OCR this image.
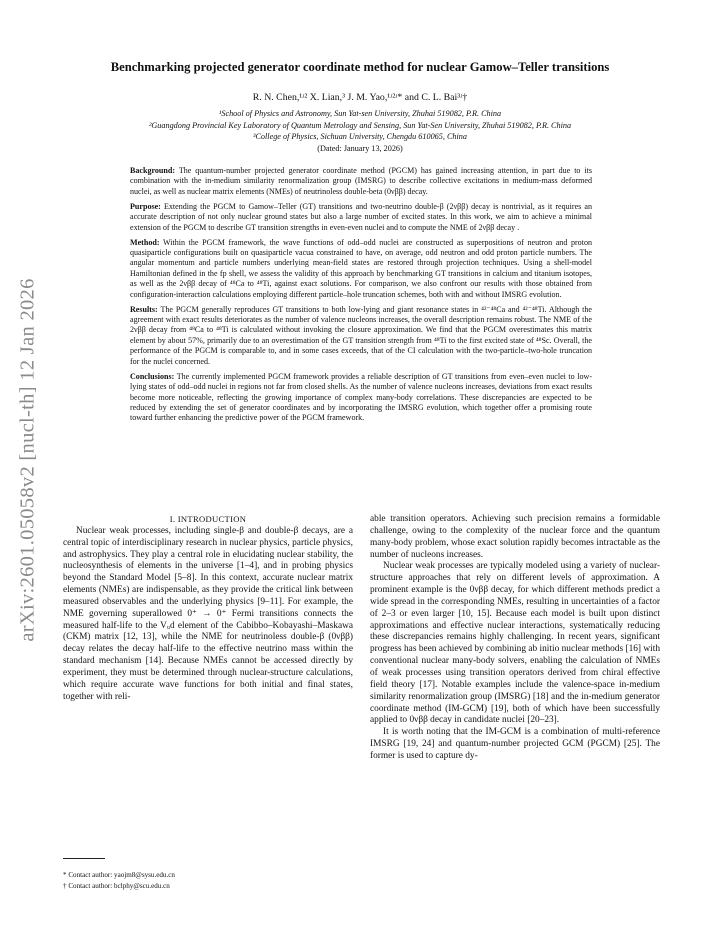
arXiv:2601.05058v2 [nucl-th] 12 Jan 2026
Benchmarking projected generator coordinate method for nuclear Gamow–Teller transitions
R. N. Chen,¹ʴ² X. Lian,³ J. M. Yao,¹ʴ²ʴ* and C. L. Bai³ʴ†
¹School of Physics and Astronomy, Sun Yat-sen University, Zhuhai 519082, P.R. China
²Guangdong Provincial Key Laboratory of Quantum Metrology and Sensing, Sun Yat-Sen University, Zhuhai 519082, P.R. China
³College of Physics, Sichuan University, Chengdu 610065, China
(Dated: January 13, 2026)

Background: The quantum-number projected generator coordinate method (PGCM) has gained increasing attention, in part due to its combination with the in-medium similarity renormalization group (IMSRG) to describe collective excitations in medium-mass deformed nuclei, as well as nuclear matrix elements (NMEs) of neutrinoless double-beta (0νββ) decay.

Purpose: Extending the PGCM to Gamow–Teller (GT) transitions and two-neutrino double-β (2νββ) decay is nontrivial, as it requires an accurate description of not only nuclear ground states but also a large number of excited states. In this work, we aim to achieve a minimal extension of the PGCM to describe GT transition strengths in even-even nuclei and to compute the NME of 2νββ decay .

Method: Within the PGCM framework, the wave functions of odd–odd nuclei are constructed as superpositions of neutron and proton quasiparticle configurations built on quasiparticle vacua constrained to have, on average, odd neutron and odd proton particle numbers. The angular momentum and particle numbers underlying mean-field states are restored through projection techniques. Using a shell-model Hamiltonian defined in the fp shell, we assess the validity of this approach by benchmarking GT transitions in calcium and titanium isotopes, as well as the 2νββ decay of ⁴⁸Ca to ⁴⁸Ti, against exact solutions. For comparison, we also confront our results with those obtained from configuration-interaction calculations employing different particle–hole truncation schemes, both with and without IMSRG evolution.

Results: The PGCM generally reproduces GT transitions to both low-lying and giant resonance states in ⁴²⁻⁴⁸Ca and ⁴²⁻⁴⁸Ti. Although the agreement with exact results deteriorates as the number of valence nucleons increases, the overall description remains robust. The NME of the 2νββ decay from ⁴⁸Ca to ⁴⁸Ti is calculated without invoking the closure approximation. We find that the PGCM overestimates this matrix element by about 57%, primarily due to an overestimation of the GT transition strength from ⁴⁸Ti to the first excited state of ⁴⁸Sc. Overall, the performance of the PGCM is comparable to, and in some cases exceeds, that of the CI calculation with the two-particle–two-hole truncation for the nuclei concerned.

Conclusions: The currently implemented PGCM framework provides a reliable description of GT transitions from even–even nuclei to low-lying states of odd–odd nuclei in regions not far from closed shells. As the number of valence nucleons increases, deviations from exact results become more noticeable, reflecting the growing importance of complex many-body correlations. These discrepancies are expected to be reduced by extending the set of generator coordinates and by incorporating the IMSRG evolution, which together offer a promising route toward further enhancing the predictive power of the PGCM framework.

I. INTRODUCTION

Nuclear weak processes, including single-β and double-β decays, are a central topic of interdisciplinary research in nuclear physics, particle physics, and astrophysics. They play a central role in elucidating nuclear stability, the nucleosynthesis of elements in the universe [1–4], and in probing physics beyond the Standard Model [5–8]. In this context, accurate nuclear matrix elements (NMEs) are indispensable, as they provide the critical link between measured observables and the underlying physics [9–11]. For example, the NME governing superallowed 0⁺ → 0⁺ Fermi transitions connects the measured half-life to the Vᵤd element of the Cabibbo–Kobayashi–Maskawa (CKM) matrix [12, 13], while the NME for neutrinoless double-β (0νββ) decay relates the decay half-life to the effective neutrino mass within the standard mechanism [14]. Because NMEs cannot be accessed directly by experiment, they must be determined through nuclear-structure calculations, which require accurate wave functions for both initial and final states, together with reli-

able transition operators. Achieving such precision remains a formidable challenge, owing to the complexity of the nuclear force and the quantum many-body problem, whose exact solution rapidly becomes intractable as the number of nucleons increases.

Nuclear weak processes are typically modeled using a variety of nuclear-structure approaches that rely on different levels of approximation. A prominent example is the 0νββ decay, for which different methods predict a wide spread in the corresponding NMEs, resulting in uncertainties of a factor of 2–3 or even larger [10, 15]. Because each model is built upon distinct approximations and effective nuclear interactions, systematically reducing these discrepancies remains highly challenging. In recent years, significant progress has been achieved by combining ab initio nuclear methods [16] with conventional nuclear many-body solvers, enabling the calculation of NMEs of weak processes using transition operators derived from chiral effective field theory [17]. Notable examples include the valence-space in-medium similarity renormalization group (IMSRG) [18] and the in-medium generator coordinate method (IM-GCM) [19], both of which have been successfully applied to 0νββ decay in candidate nuclei [20–23].

It is worth noting that the IM-GCM is a combination of multi-reference IMSRG [19, 24] and quantum-number projected GCM (PGCM) [25]. The former is used to capture dy-

* Contact author: yaojm8@sysu.edu.cn
† Contact author: bclphy@scu.edu.cn
